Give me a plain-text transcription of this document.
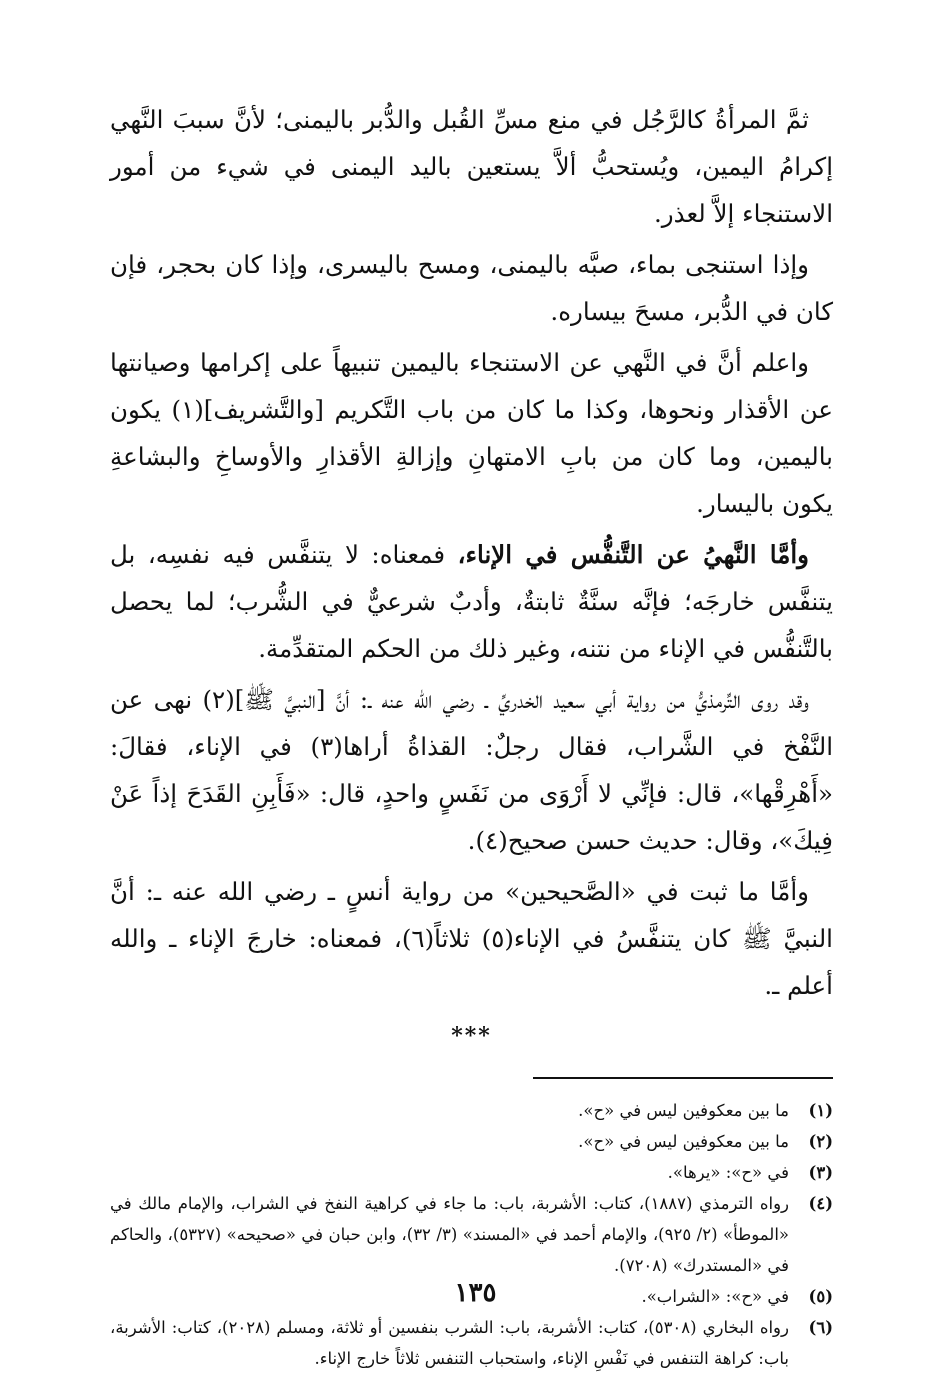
ثمَّ المرأةُ كالرَّجُل في منع مسِّ القُبل والدُّبر باليمنى؛ لأنَّ سببَ النَّهي إكرامُ اليمين، ويُستحبُّ ألاَّ يستعين باليد اليمنى في شيء من أمور الاستنجاء إلاَّ لعذر.

وإذا استنجى بماء، صبَّه باليمنى، ومسح باليسرى، وإذا كان بحجر، فإن كان في الدُّبر، مسحَ بيساره.

واعلم أنَّ في النَّهي عن الاستنجاء باليمين تنبيهاً على إكرامها وصيانتها عن الأقذار ونحوها، وكذا ما كان من باب التَّكريم [والتَّشريف](١) يكون باليمين، وما كان من بابِ الامتهانِ وإزالةِ الأقذارِ والأوساخِ والبشاعةِ يكون باليسار.

وأمَّا النَّهيُ عن التَّنفُّس في الإناء، فمعناه: لا يتنفَّس فيه نفسِه، بل يتنفَّس خارجَه؛ فإنَّه سنَّةٌ ثابتةٌ، وأدبٌ شرعيٌّ في الشُّرب؛ لما يحصل بالتَّنفُّس في الإناء من نتنه، وغير ذلك من الحكم المتقدِّمة.

وقد روى التِّرمذيُّ من رواية أبي سعيد الخدريِّ ـ رضي الله عنه ـ: أنَّ [النبيَّ ﷺ](٢) نهى عن النَّفْخ في الشَّراب، فقال رجلٌ: القذاةُ أراها(٣) في الإناء، فقالَ: «أَهْرِقْها»، قال: فإنِّي لا أَرْوَى من نَفَسٍ واحدٍ، قال: «فَأَبِنِ القَدَحَ إذاً عَنْ فِيكَ»، وقال: حديث حسن صحيح(٤).

وأمَّا ما ثبت في «الصَّحيحين» من رواية أنسٍ ـ رضي الله عنه ـ: أنَّ النبيَّ ﷺ كان يتنفَّسُ في الإناء(٥) ثلاثاً(٦)، فمعناه: خارجَ الإناء ـ والله أعلم ـ.

***
(١)
ما بين معكوفين ليس في «ح».
(٢)
ما بين معكوفين ليس في «ح».
(٣)
في «ح»: «يرها».
(٤)
رواه الترمذي (١٨٨٧)، كتاب: الأشربة، باب: ما جاء في كراهية النفخ في الشراب، والإمام مالك في «الموطأ» (٢/ ٩٢٥)، والإمام أحمد في «المسند» (٣/ ٣٢)، وابن حبان في «صحيحه» (٥٣٢٧)، والحاكم في «المستدرك» (٧٢٠٨).
(٥)
في «ح»: «الشراب».
(٦)
رواه البخاري (٥٣٠٨)، كتاب: الأشربة، باب: الشرب بنفسين أو ثلاثة، ومسلم (٢٠٢٨)، كتاب: الأشربة، باب: كراهة التنفس في نَفْسِ الإناء، واستحباب التنفس ثلاثاً خارج الإناء.
١٣٥
